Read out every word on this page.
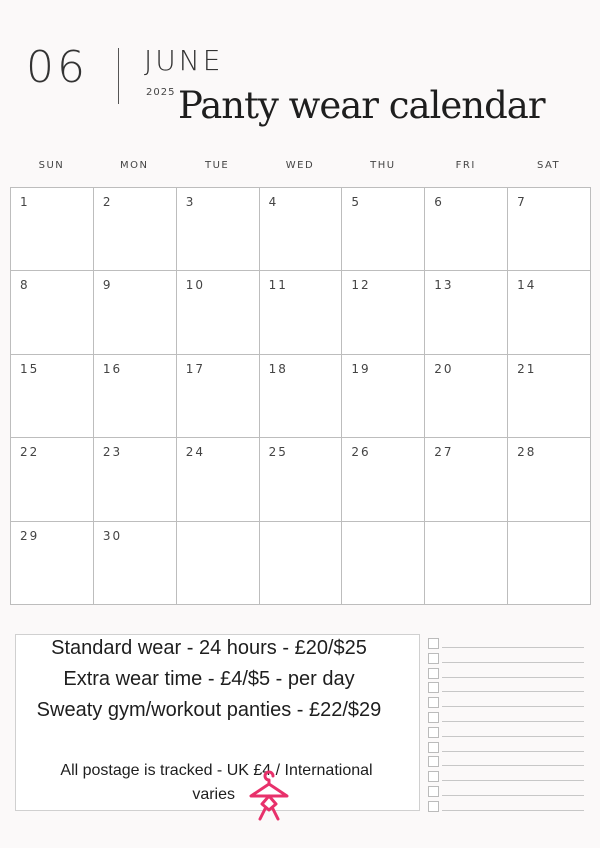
06 JUNE
2025 Panty wear calendar
SUN	MON	TUE	WED	THU	FRI	SAT
1	2	3	4	5	6	7
8	9	10	11	12	13	14
15	16	17	18	19	20	21
22	23	24	25	26	27	28
29	30
Standard wear - 24 hours - £20/$25
Extra wear time - £4/$5 - per day
Sweaty gym/workout panties - £22/$29
All postage is tracked - UK £4 / International
varies
